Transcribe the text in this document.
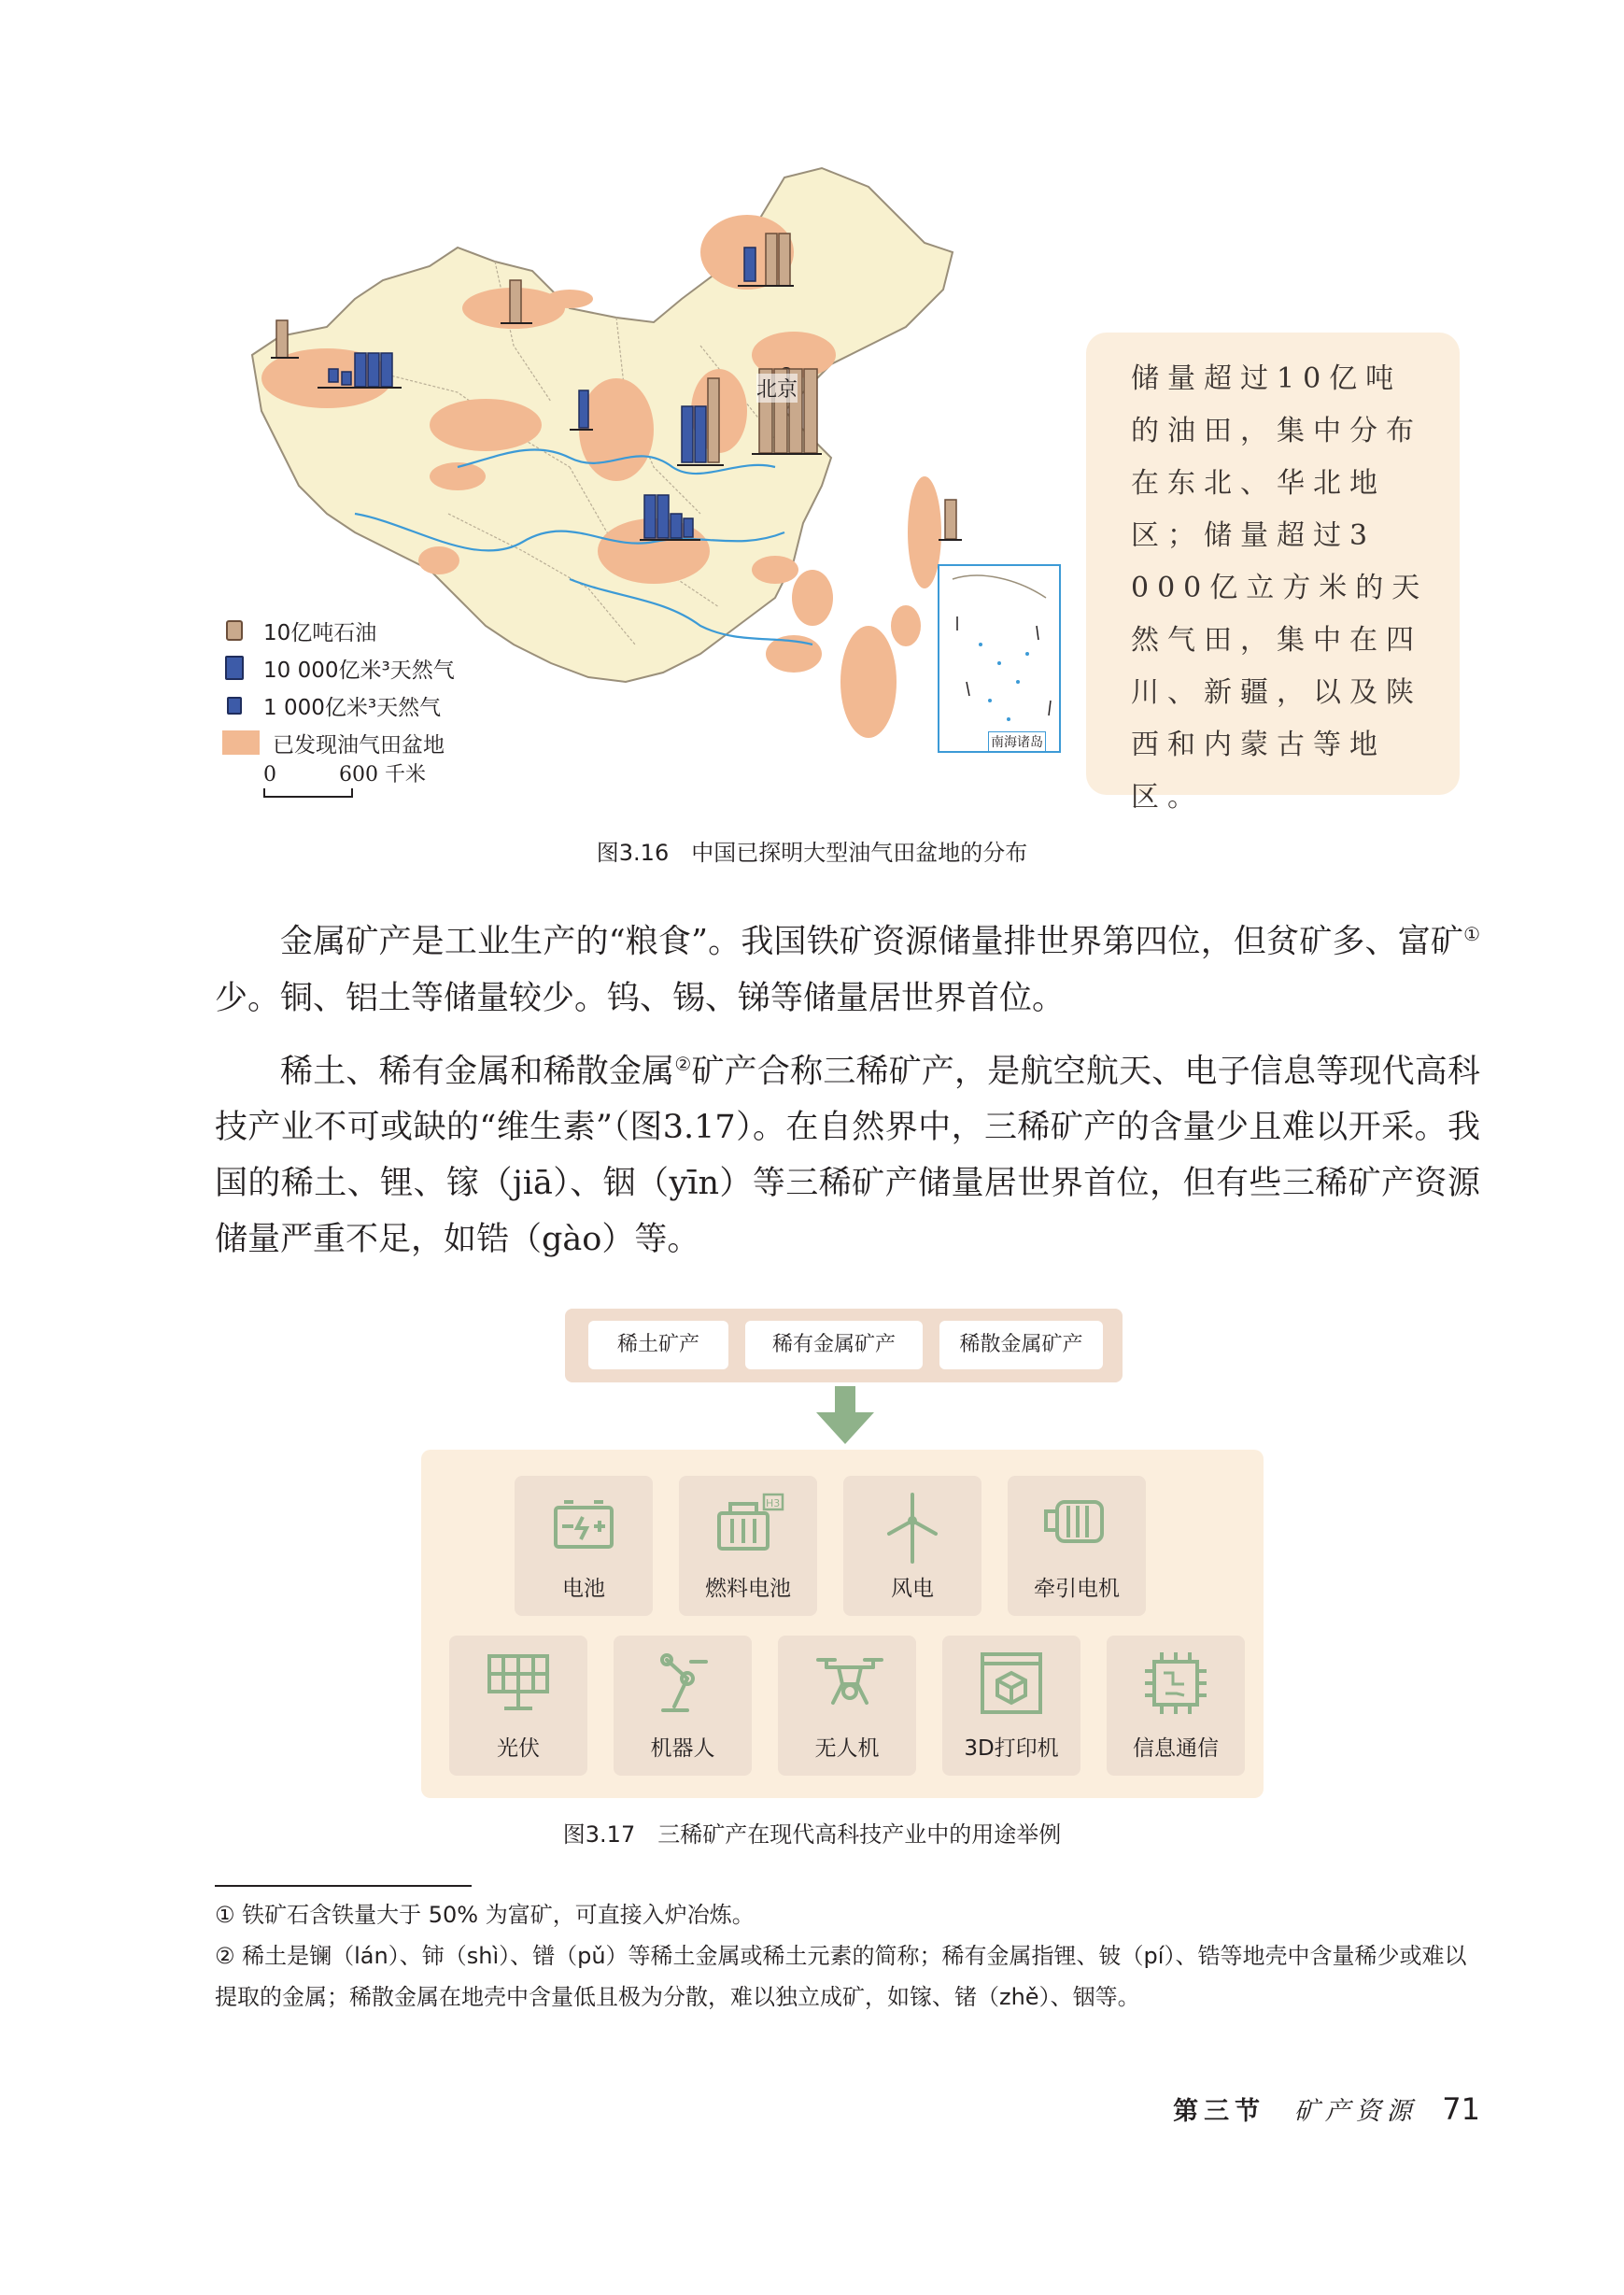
北京
南海诸岛
10亿吨石油
10 000亿米³天然气
1 000亿米³天然气
已发现油气田盆地
0	600 千米
储量超过10亿吨的油田，集中分布在东北、华北地区；储量超过3 000亿立方米的天然气田，集中在四川、新疆，以及陕西和内蒙古等地区。
图3.16　中国已探明大型油气田盆地的分布

金属矿产是工业生产的“粮食”。我国铁矿资源储量排世界第四位，但贫矿多、富矿①少。铜、铝土等储量较少。钨、锡、锑等储量居世界首位。

稀土、稀有金属和稀散金属②矿产合称三稀矿产，是航空航天、电子信息等现代高科技产业不可或缺的“维生素”（图3.17）。在自然界中，三稀矿产的含量少且难以开采。我国的稀土、锂、镓（jiā）、铟（yīn）等三稀矿产储量居世界首位，但有些三稀矿产资源储量严重不足，如锆（gào）等。

稀土矿产	稀有金属矿产	稀散金属矿产
电池
H3
燃料电池	风电	牵引电机
光伏	机器人	无人机	3D打印机	信息通信
图3.17　三稀矿产在现代高科技产业中的用途举例

① 铁矿石含铁量大于 50% 为富矿，可直接入炉冶炼。

② 稀土是镧（lán）、铈（shì）、镨（pǔ）等稀土金属或稀土元素的简称；稀有金属指锂、铍（pí）、锆等地壳中含量稀少或难以提取的金属；稀散金属在地壳中含量低且极为分散，难以独立成矿，如镓、锗（zhě）、铟等。

第三节 矿产资源 71
